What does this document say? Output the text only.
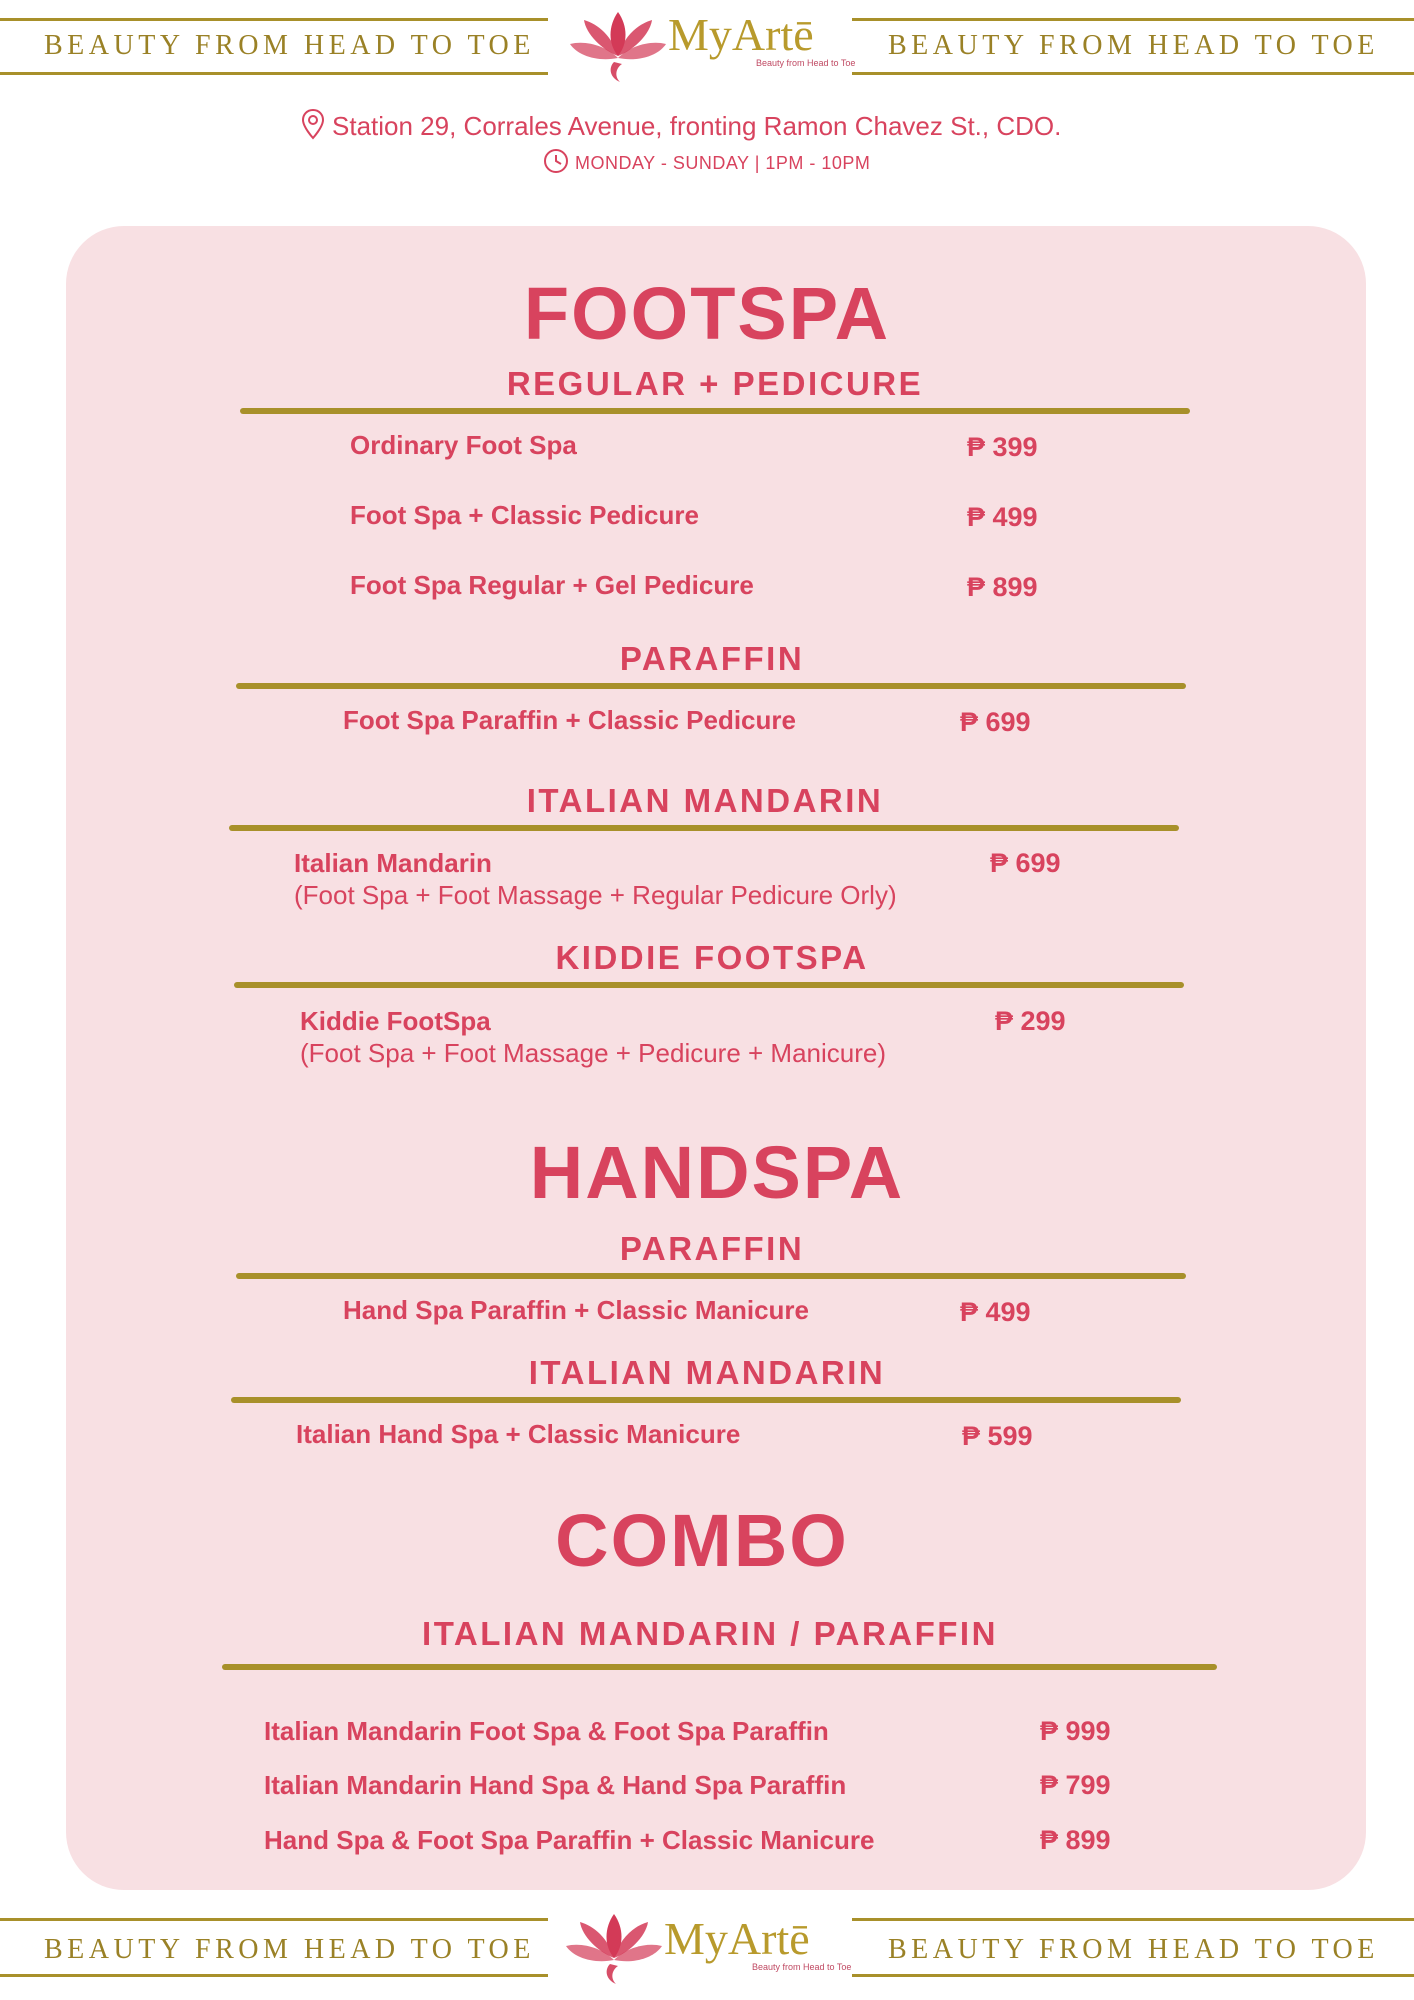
BEAUTY FROM HEAD TO TOE	BEAUTY FROM HEAD TO TOE
MyArtē
Beauty from Head to Toe
Station 29, Corrales Avenue, fronting Ramon Chavez St., CDO.
MONDAY - SUNDAY | 1PM - 10PM
FOOTSPA
REGULAR + PEDICURE
Ordinary Foot Spa	₱ 399
Foot Spa + Classic Pedicure	₱ 499
Foot Spa Regular + Gel Pedicure	₱ 899
PARAFFIN
Foot Spa Paraffin + Classic Pedicure	₱ 699
ITALIAN MANDARIN
Italian Mandarin
(Foot Spa + Foot Massage + Regular Pedicure Orly)
₱ 699
KIDDIE FOOTSPA
Kiddie FootSpa
(Foot Spa + Foot Massage + Pedicure + Manicure)
₱ 299
HANDSPA
PARAFFIN
Hand Spa Paraffin + Classic Manicure	₱ 499
ITALIAN MANDARIN
Italian Hand Spa + Classic Manicure	₱ 599
COMBO
ITALIAN MANDARIN / PARAFFIN
Italian Mandarin Foot Spa & Foot Spa Paraffin	₱ 999
Italian Mandarin Hand Spa & Hand Spa Paraffin	₱ 799
Hand Spa & Foot Spa Paraffin + Classic Manicure	₱ 899
BEAUTY FROM HEAD TO TOE	BEAUTY FROM HEAD TO TOE
MyArtē
Beauty from Head to Toe
